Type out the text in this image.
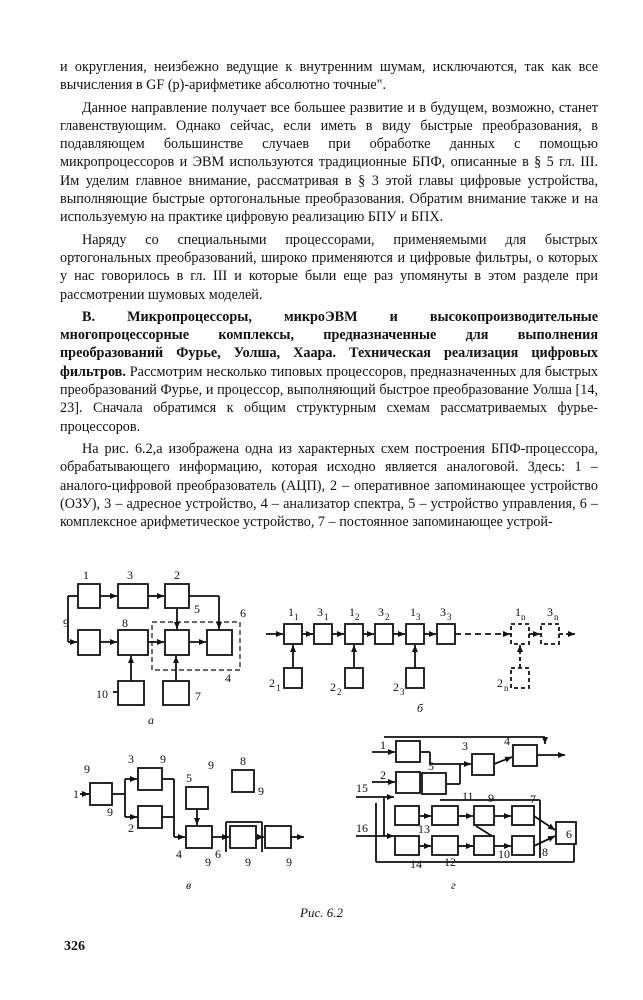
и округления, неизбежно ведущие к внутренним шумам, исключаются, так как все вычисления в GF (p)-арифметике абсолютно точные".

Данное направление получает все большее развитие и в будущем, возможно, станет главенствующим. Однако сейчас, если иметь в виду быстрые преобразования, в подавляющем большинстве случаев при обработке данных с помощью микропроцессоров и ЭВМ используются традиционные БПФ, описанные в § 5 гл. III. Им уделим главное внимание, рассматривая в § 3 этой главы цифровые устройства, выполняющие быстрые ортогональные преобразования. Обратим внимание также и на используемую на практике цифровую реализацию БПУ и БПХ.

Наряду со специальными процессорами, применяемыми для быстрых ортогональных преобразований, широко применяются и цифровые фильтры, о которых у нас говорилось в гл. III и которые были еще раз упомянуты в этом разделе при рассмотрении шумовых моделей.

В. Микропроцессоры, микроЭВМ и высокопроизводительные многопроцессорные комплексы, предназначенные для выполнения преобразований Фурье, Уолша, Хаара. Техническая реализация цифровых фильтров. Рассмотрим несколько типовых процессоров, предназначенных для быстрых преобразований Фурье, и процессор, выполняющий быстрое преобразование Уолша [14, 23]. Сначала обратимся к общим структурным схемам рассматриваемых фурье-процессоров.

На рис. 6.2,а изображена одна из характерных схем построения БПФ-процессора, обрабатывающего информацию, которая исходно является аналоговой. Здесь: 1 – аналого-цифровой преобразователь (АЦП), 2 – оперативное запоминающее устройство (ОЗУ), 3 – адресное устройство, 4 – анализатор спектра, 5 – устройство управления, 6 – комплексное арифметическое устройство, 7 – постоянное запоминающее устрой-

1	3	2
5	6
9	8
4
10	7
а
1 1 3 1 1 2 3 2 1 3 3 3	1 n 3 n
2 1	2 2	2 3
2 n
б
9
3 9
5
9 8
1
2
4	6
9
9
9	9	9
в
1	3	4
2
5
15
11 9	7
16	13	6
14 12
10	8
г
Рис. 6.2
326
